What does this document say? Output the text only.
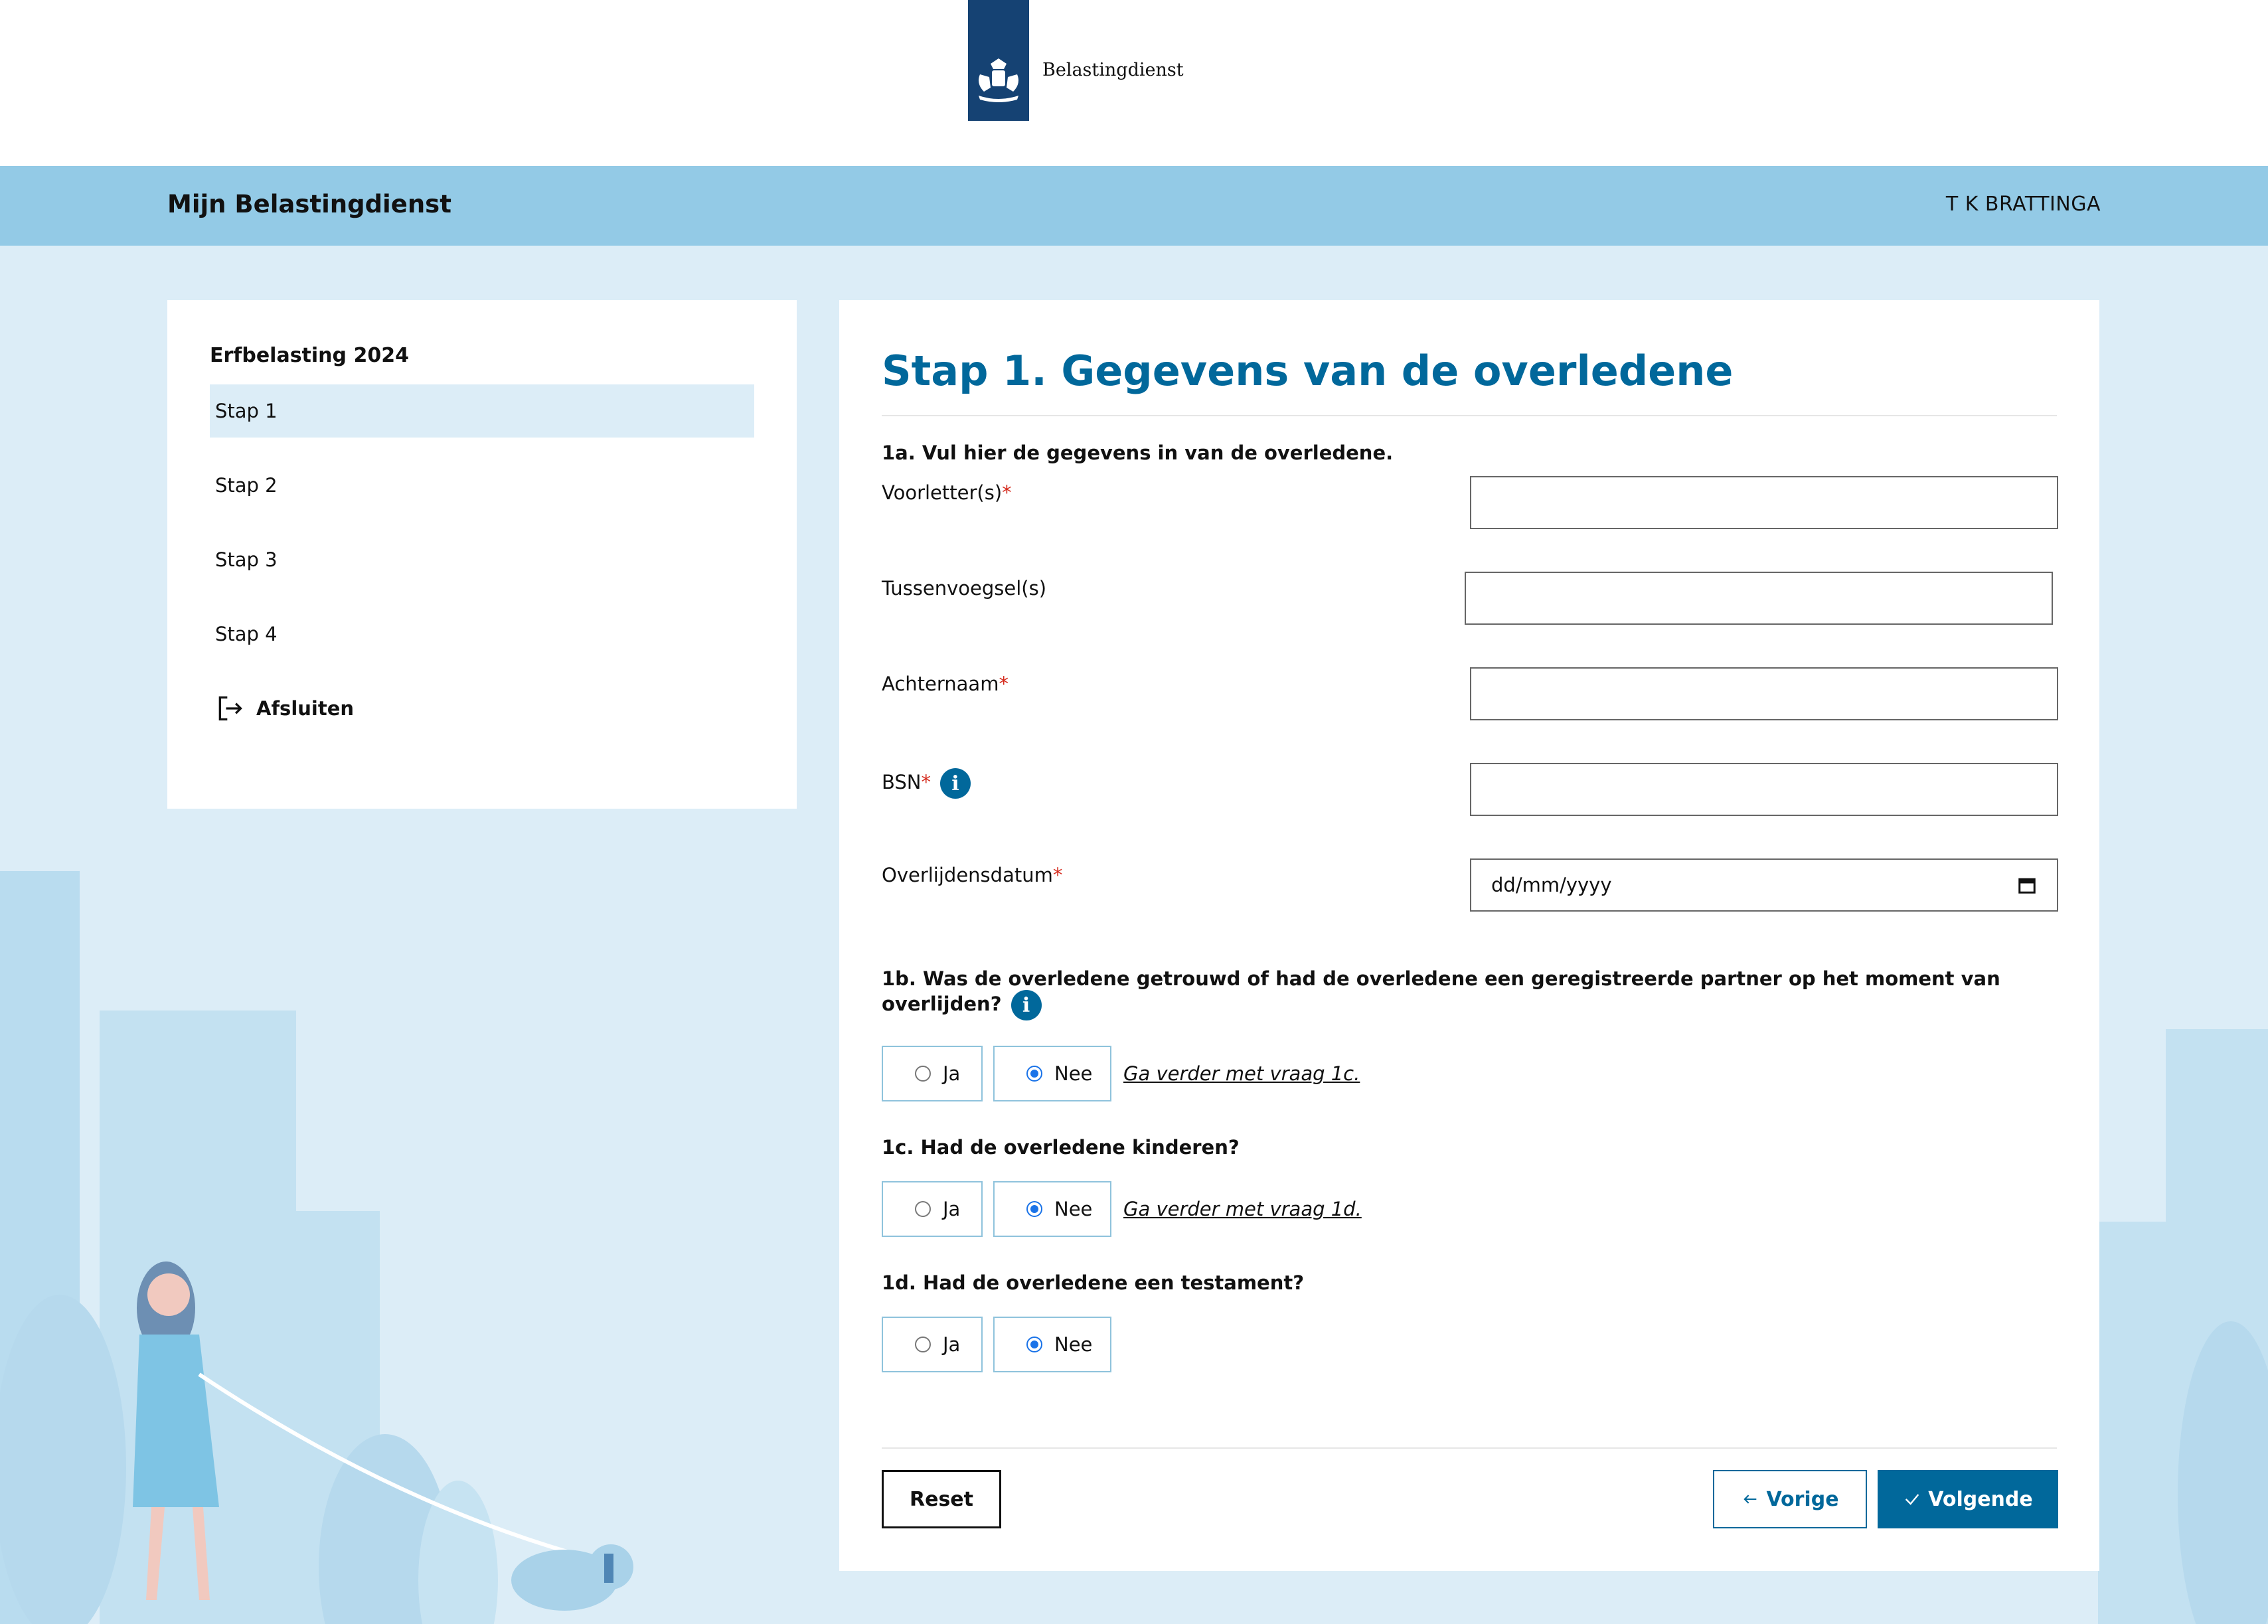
Belastingdienst
Mijn Belastingdienst	T K BRATTINGA
Erfbelasting 2024
Stap 1
Stap 2
Stap 3
Stap 4
Afsluiten
Stap 1. Gegevens van de overledene
1a. Vul hier de gegevens in van de overledene.
Voorletter(s)*
Tussenvoegsel(s)
Achternaam*
BSN* i
Overlijdensdatum*	dd/mm/yyyy
1b. Was de overledene getrouwd of had de overledene een geregistreerde partner op het moment van overlijden? i
Ja	Nee Ga verder met vraag 1c.
1c. Had de overledene kinderen?
Ja	Nee Ga verder met vraag 1d.
1d. Had de overledene een testament?
Ja	Nee
Reset	Vorige	Volgende
